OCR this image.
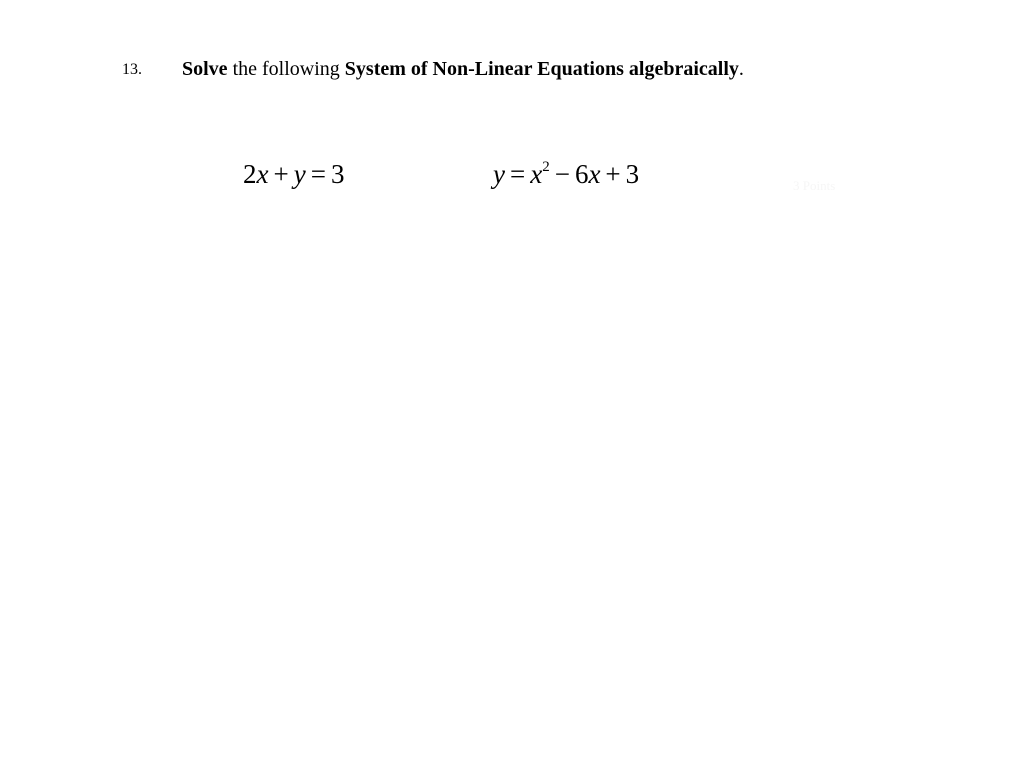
13. Solve the following System of Non-Linear Equations algebraically.
2x + y = 3	$y = x^2 - 6x + 3$	3 Points
